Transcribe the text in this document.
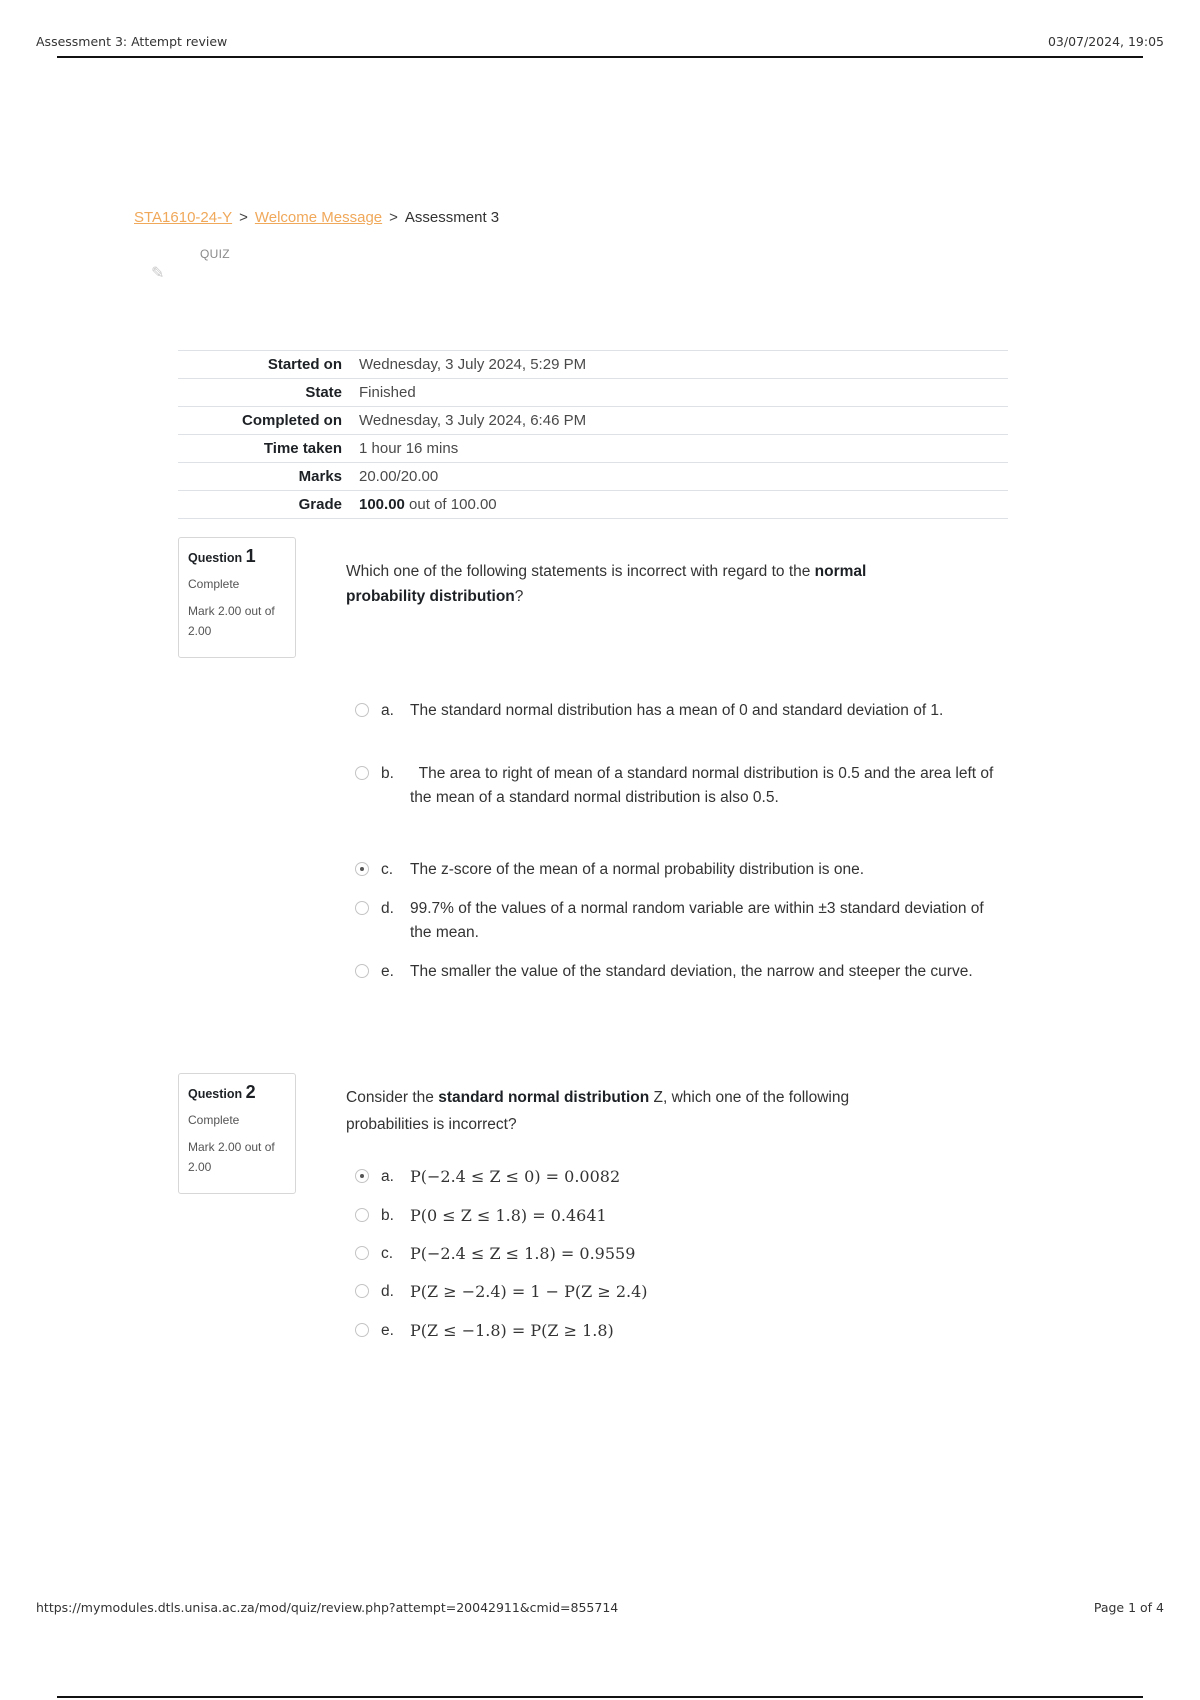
Assessment 3: Attempt review	03/07/2024, 19:05
STA1610-24-Y > Welcome Message > Assessment 3
QUIZ
✎
Started on	Wednesday, 3 July 2024, 5:29 PM
State	Finished
Completed on	Wednesday, 3 July 2024, 6:46 PM
Time taken	1 hour 16 mins
Marks	20.00/20.00
Grade	100.00 out of 100.00
Question 1
Complete
Mark 2.00 out of 2.00
Which one of the following statements is incorrect with regard to the normal probability distribution?
a. The standard normal distribution has a mean of 0 and standard deviation of 1.
b. The area to right of mean of a standard normal distribution is 0.5 and the area left of the mean of a standard normal distribution is also 0.5.
c. The z-score of the mean of a normal probability distribution is one.
d. 99.7% of the values of a normal random variable are within ±3 standard deviation of the mean.
e. The smaller the value of the standard deviation, the narrow and steeper the curve.
Question 2
Complete
Mark 2.00 out of 2.00
Consider the standard normal distribution Z, which one of the following probabilities is incorrect?
a. P(−2.4 ≤ Z ≤ 0) = 0.0082
b. P(0 ≤ Z ≤ 1.8) = 0.4641
c. P(−2.4 ≤ Z ≤ 1.8) = 0.9559
d. P(Z ≥ −2.4) = 1 − P(Z ≥ 2.4)
e. P(Z ≤ −1.8) = P(Z ≥ 1.8)
https://mymodules.dtls.unisa.ac.za/mod/quiz/review.php?attempt=20042911&cmid=855714	Page 1 of 4
